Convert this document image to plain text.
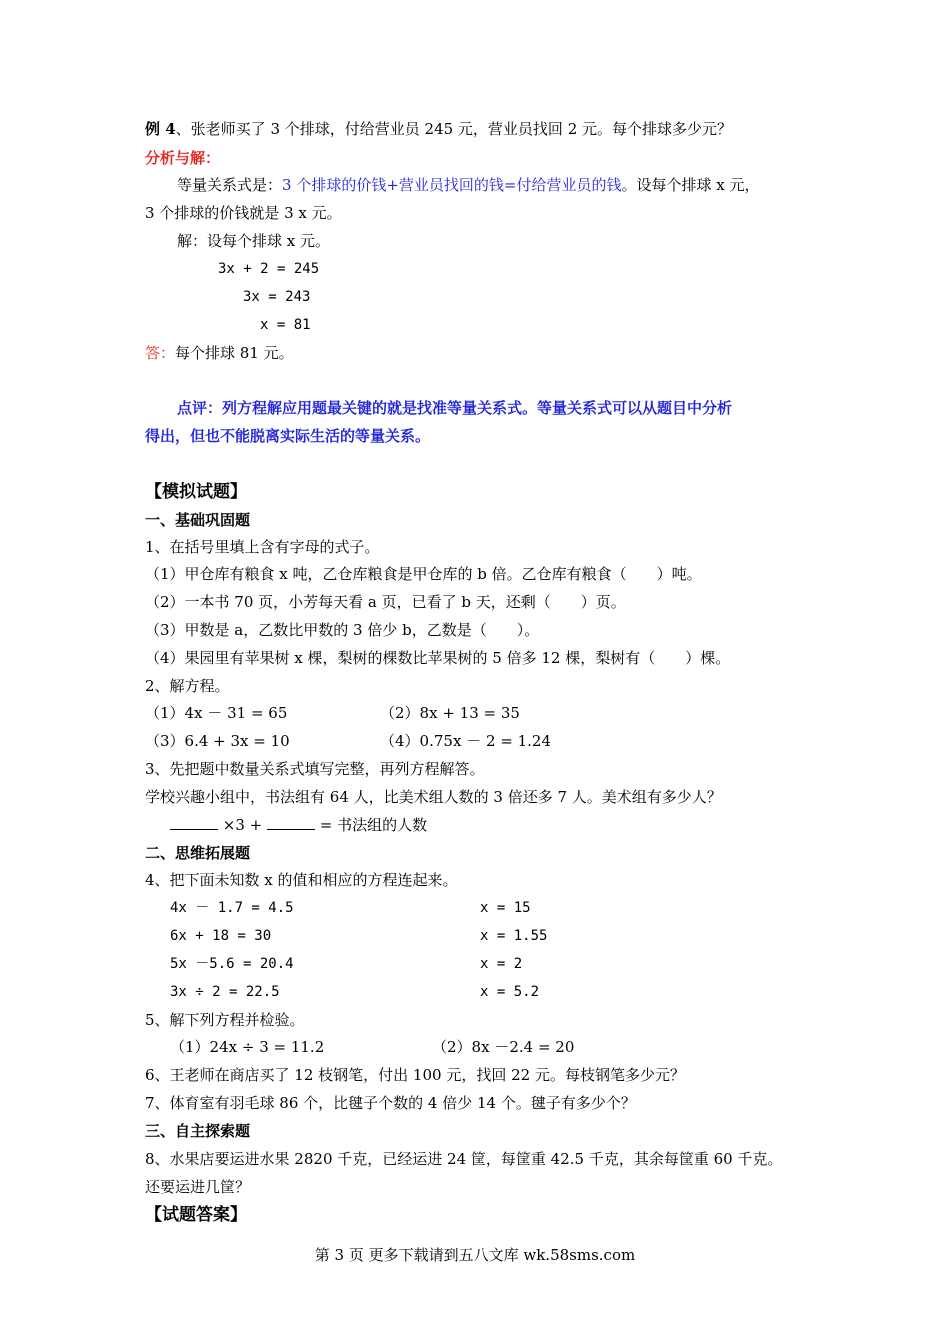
例 4、张老师买了 3 个排球，付给营业员 245 元，营业员找回 2 元。每个排球多少元？
分析与解：
等量关系式是：3 个排球的价钱+营业员找回的钱=付给营业员的钱。设每个排球 x 元，
3 个排球的价钱就是 3 x 元。
解：设每个排球 x 元。
3x + 2 = 245
3x = 243
x = 81
答：每个排球 81 元。
点评：列方程解应用题最关键的就是找准等量关系式。等量关系式可以从题目中分析
得出，但也不能脱离实际生活的等量关系。
【模拟试题】
一、基础巩固题
1、在括号里填上含有字母的式子。
（1）甲仓库有粮食 x 吨，乙仓库粮食是甲仓库的 b 倍。乙仓库有粮食（　　）吨。
（2）一本书 70 页，小芳每天看 a 页，已看了 b 天，还剩（　　）页。
（3）甲数是 a，乙数比甲数的 3 倍少 b，乙数是（　　）。
（4）果园里有苹果树 x 棵，梨树的棵数比苹果树的 5 倍多 12 棵，梨树有（　　）棵。
2、解方程。
（1）4x － 31 = 65	（2）8x + 13 = 35
（3）6.4 + 3x = 10	（4）0.75x － 2 = 1.24
3、先把题中数量关系式填写完整，再列方程解答。
学校兴趣小组中，书法组有 64 人，比美术组人数的 3 倍还多 7 人。美术组有多少人？
×3 +	= 书法组的人数
二、思维拓展题
4、把下面未知数 x 的值和相应的方程连起来。
4x － 1.7 = 4.5	x = 15
6x + 18 = 30	x = 1.55
5x －5.6 = 20.4	x = 2
3x ÷ 2 = 22.5	x = 5.2
5、解下列方程并检验。
（1）24x ÷ 3 = 11.2	（2）8x －2.4 = 20
6、王老师在商店买了 12 枝钢笔，付出 100 元，找回 22 元。每枝钢笔多少元？
7、体育室有羽毛球 86 个，比毽子个数的 4 倍少 14 个。毽子有多少个？
三、自主探索题
8、水果店要运进水果 2820 千克，已经运进 24 筐，每筐重 42.5 千克，其余每筐重 60 千克。
还要运进几筐？
【试题答案】
第 3 页 更多下载请到五八文库 wk.58sms.com
